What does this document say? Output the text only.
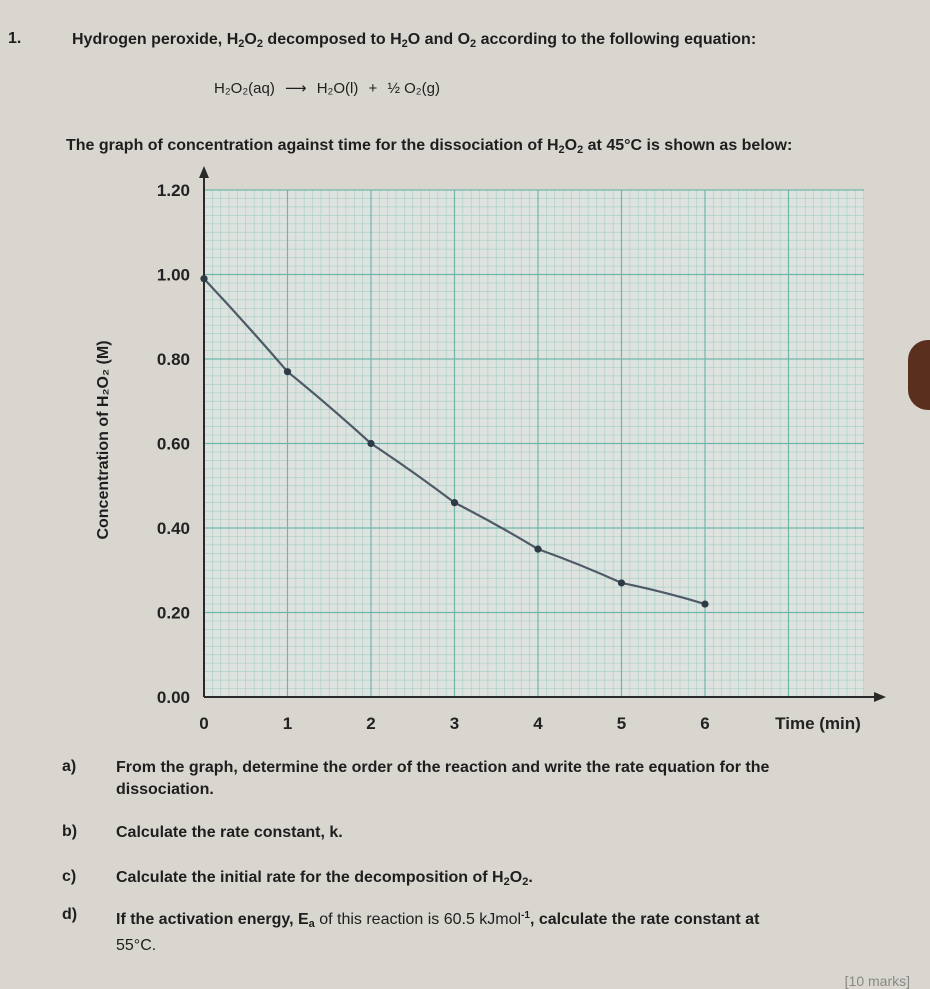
1.	Hydrogen peroxide, $H_2O_2$ decomposed to $H_2O$ and $O_2$ according to the following equation:
H₂O₂(aq) ⟶ H₂O(l) + ½ O₂(g)
The graph of concentration against time for the dissociation of $H_2O_2$ at 45°C is shown as below:
0.00
0.20
0.40
0.60
0.80
1.00
1.20
0	1	2	3	4	5	6	Time (min)
Concentration of H₂O₂ (M)
a) From the graph, determine the order of the reaction and write the rate equation for the
dissociation.
b) Calculate the rate constant, k.
c) Calculate the initial rate for the decomposition of $H_2O_2$.
d) If the activation energy, $E_a$ of this reaction is 60.5 kJmol$^{-1}$, calculate the rate constant at
55°C.
[10 marks]
